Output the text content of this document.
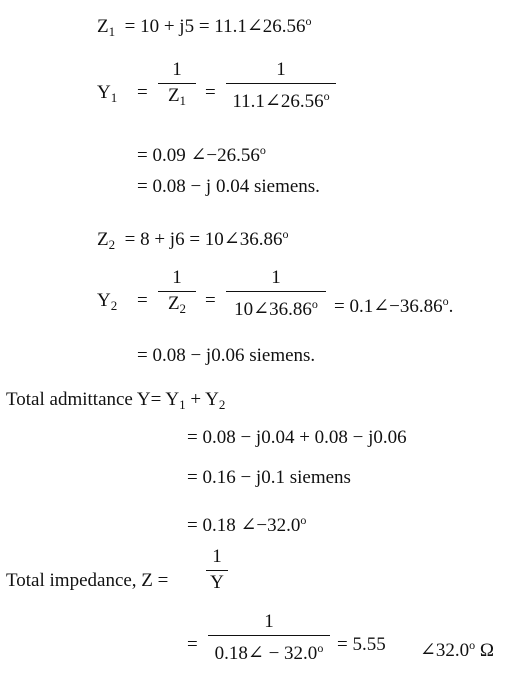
$Z_1 = 10 + j5$ = $11.1\angle 26.56^o$
$Y_1$ =
1
$Z_1$ =
1
$11.1\angle 26.56^o$
= 0.09 $\angle-26.56^o$
= 0.08 − j 0.04 siemens.
$Z_2 = 8 + j6$ = $10\angle 36.86^o$
$Y_2$ =
1
$Z_2$ =
1
$10\angle 36.86^o$ = $0.1\angle-36.86^o$.
= 0.08 − j0.06 siemens.
Total admittance $Y= Y_1 + Y_2$
= 0.08 − j0.04 + 0.08 − j0.06
= 0.16 − j0.1 siemens
= 0.18 $\angle-32.0^o$
Total impedance, Z =
1
Y
=
1
0.18∠ − $32.0^o = 5.55$ ∠32.0$^o$ Ω
